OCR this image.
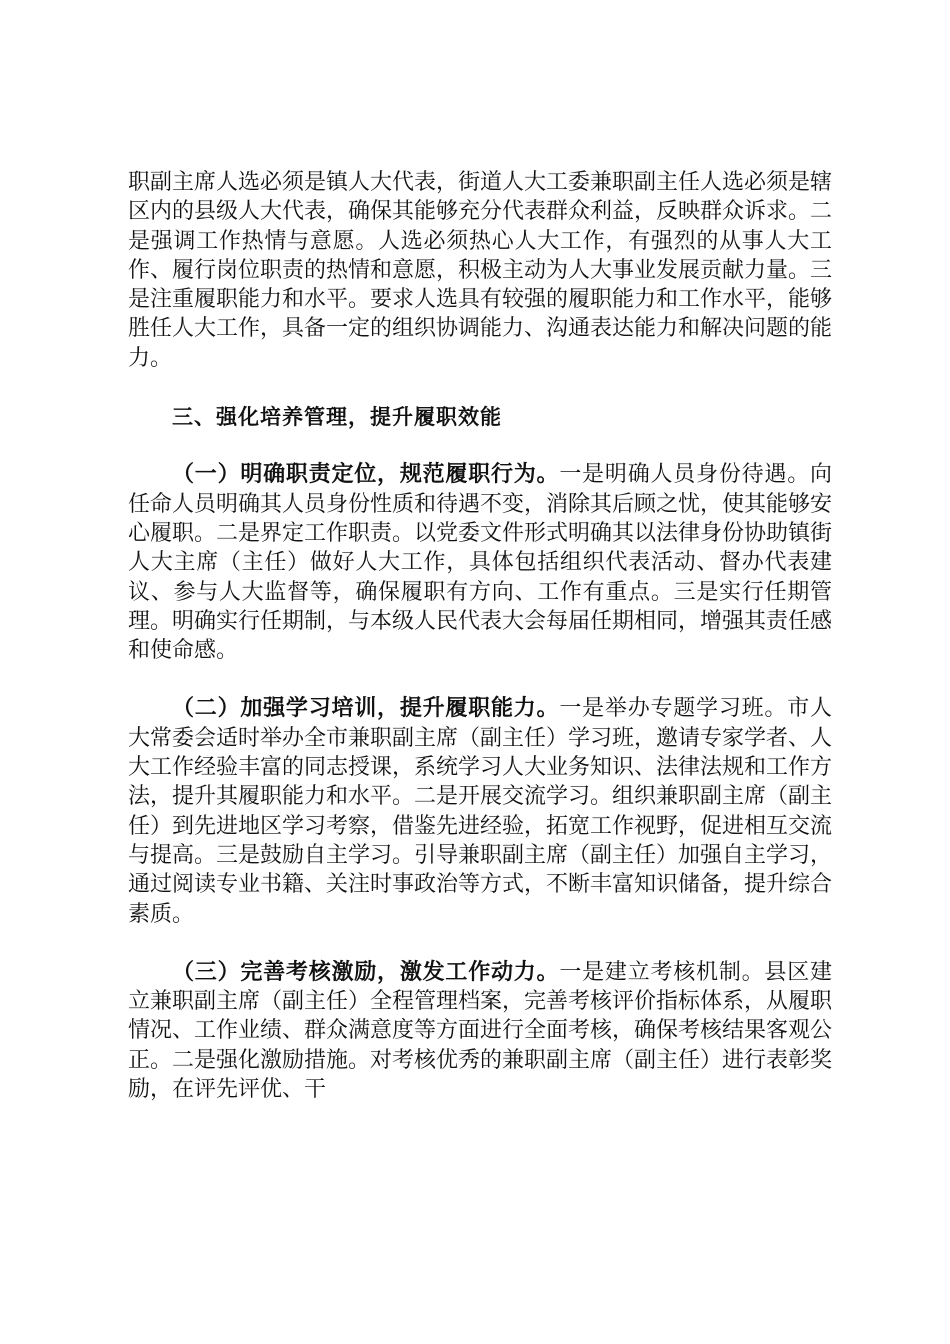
职副主席人选必须是镇人大代表，街道人大工委兼职副主任人选必须是辖区内的县级人大代表，确保其能够充分代表群众利益，反映群众诉求。二是强调工作热情与意愿。人选必须热心人大工作，有强烈的从事人大工作、履行岗位职责的热情和意愿，积极主动为人大事业发展贡献力量。三是注重履职能力和水平。要求人选具有较强的履职能力和工作水平，能够胜任人大工作，具备一定的组织协调能力、沟通表达能力和解决问题的能力。

三、强化培养管理，提升履职效能

（一）明确职责定位，规范履职行为。一是明确人员身份待遇。向任命人员明确其人员身份性质和待遇不变，消除其后顾之忧，使其能够安心履职。二是界定工作职责。以党委文件形式明确其以法律身份协助镇街人大主席（主任）做好人大工作，具体包括组织代表活动、督办代表建议、参与人大监督等，确保履职有方向、工作有重点。三是实行任期管理。明确实行任期制，与本级人民代表大会每届任期相同，增强其责任感和使命感。

（二）加强学习培训，提升履职能力。一是举办专题学习班。市人大常委会适时举办全市兼职副主席（副主任）学习班，邀请专家学者、人大工作经验丰富的同志授课，系统学习人大业务知识、法律法规和工作方法，提升其履职能力和水平。二是开展交流学习。组织兼职副主席（副主任）到先进地区学习考察，借鉴先进经验，拓宽工作视野，促进相互交流与提高。三是鼓励自主学习。引导兼职副主席（副主任）加强自主学习，通过阅读专业书籍、关注时事政治等方式，不断丰富知识储备，提升综合素质。

（三）完善考核激励，激发工作动力。一是建立考核机制。县区建立兼职副主席（副主任）全程管理档案，完善考核评价指标体系，从履职情况、工作业绩、群众满意度等方面进行全面考核，确保考核结果客观公正。二是强化激励措施。对考核优秀的兼职副主席（副主任）进行表彰奖励，在评先评优、干
